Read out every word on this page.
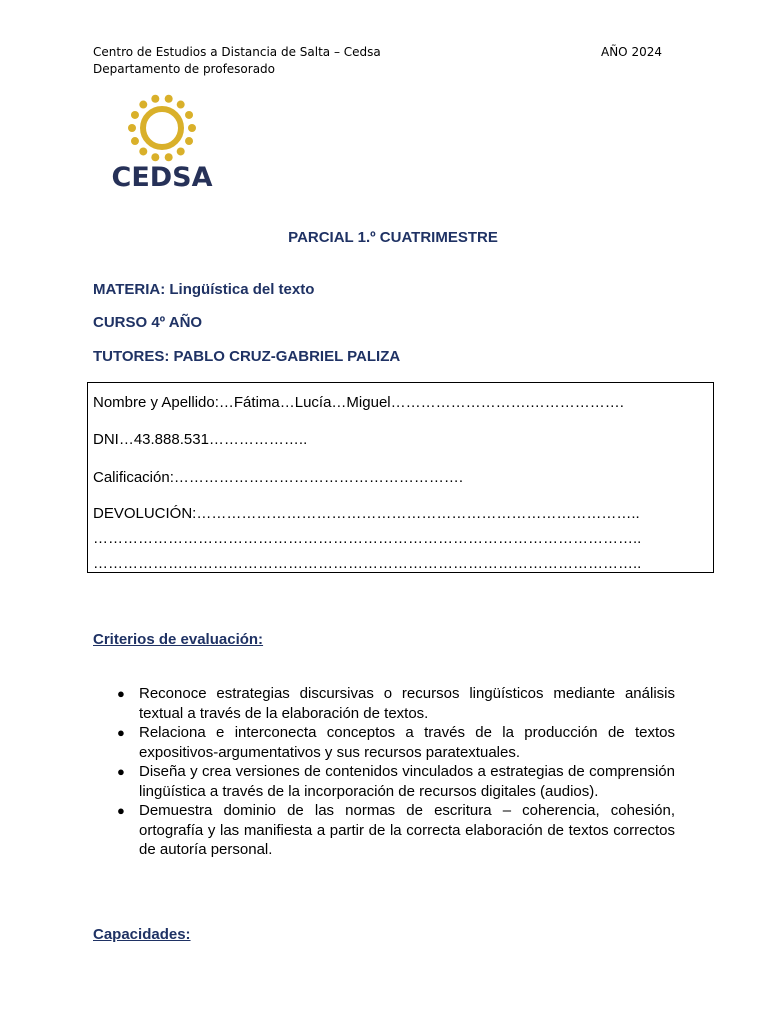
Centro de Estudios a Distancia de Salta – Cedsa
Departamento de profesorado
AÑO 2024
CEDSA
PARCIAL 1.º CUATRIMESTRE
MATERIA: Lingüística del texto
CURSO 4º AÑO
TUTORES: PABLO CRUZ-GABRIEL PALIZA
Nombre y Apellido:…Fátima…Lucía…Miguel……………………….……………….
DNI…43.888.531………………..
Calificación:………………………………………………….
DEVOLUCIÓN:……………………………………………………………………………..
………………………………………………………………………………………………..
………………………………………………………………………………………………..
Criterios de evaluación:
● Reconoce estrategias discursivas o recursos lingüísticos mediante análisis textual a través de la elaboración de textos.
● Relaciona e interconecta conceptos a través de la producción de textos expositivos-argumentativos y sus recursos paratextuales.
● Diseña y crea versiones de contenidos vinculados a estrategias de comprensión lingüística a través de la incorporación de recursos digitales (audios).
● Demuestra dominio de las normas de escritura – coherencia, cohesión, ortografía y las manifiesta a partir de la correcta elaboración de textos correctos de autoría personal.
Capacidades:
